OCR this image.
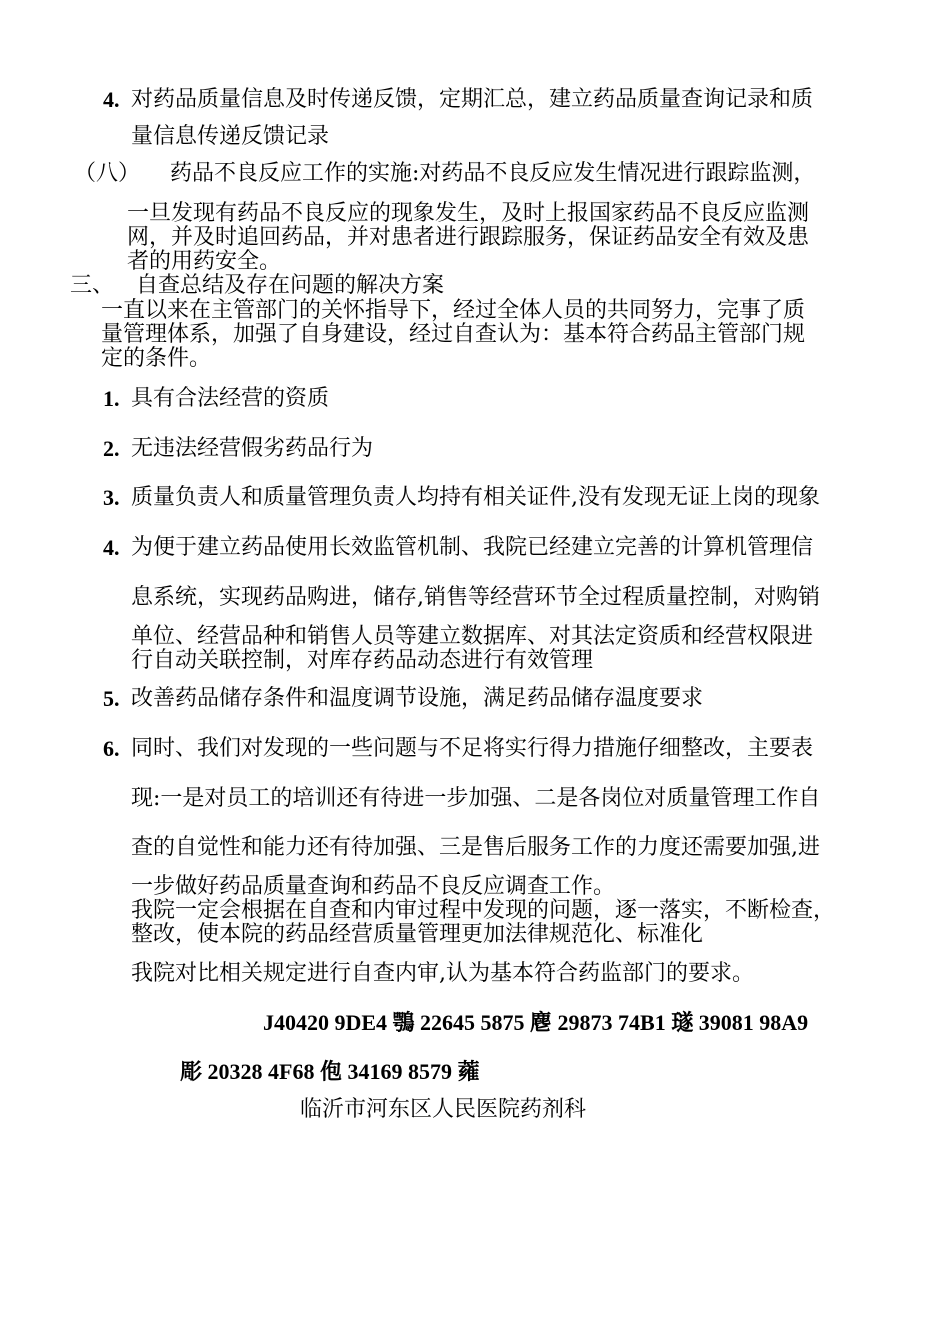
4. 对药品质量信息及时传递反馈，定期汇总，建立药品质量查询记录和质
量信息传递反馈记录
（八） 药品不良反应工作的实施:对药品不良反应发生情况进行跟踪监测，
一旦发现有药品不良反应的现象发生，及时上报国家药品不良反应监测
网，并及时追回药品，并对患者进行跟踪服务，保证药品安全有效及患
者的用药安全。
三、 自查总结及存在问题的解决方案
一直以来在主管部门的关怀指导下，经过全体人员的共同努力，完事了质
量管理体系，加强了自身建设，经过自查认为：基本符合药品主管部门规
定的条件。
1. 具有合法经营的资质
2. 无违法经营假劣药品行为
3. 质量负责人和质量管理负责人均持有相关证件,没有发现无证上岗的现象
4. 为便于建立药品使用长效监管机制、我院已经建立完善的计算机管理信
息系统，实现药品购进，储存,销售等经营环节全过程质量控制，对购销
单位、经营品种和销售人员等建立数据库、对其法定资质和经营权限进
行自动关联控制，对库存药品动态进行有效管理
5. 改善药品储存条件和温度调节设施，满足药品储存温度要求
6. 同时、我们对发现的一些问题与不足将实行得力措施仔细整改，主要表
现:一是对员工的培训还有待进一步加强、二是各岗位对质量管理工作自
查的自觉性和能力还有待加强、三是售后服务工作的力度还需要加强,进
一步做好药品质量查询和药品不良反应调查工作。
我院一定会根据在自查和内审过程中发现的问题，逐一落实，不断检查，
整改，使本院的药品经营质量管理更加法律规范化、标准化
我院对比相关规定进行自查内审,认为基本符合药监部门的要求。
J40420 9DE4 鶚 22645 5875 麀 29873 74B1 璲 39081 98A9
彫 20328 4F68 佨 34169 8579 蕹
临沂市河东区人民医院药剂科
